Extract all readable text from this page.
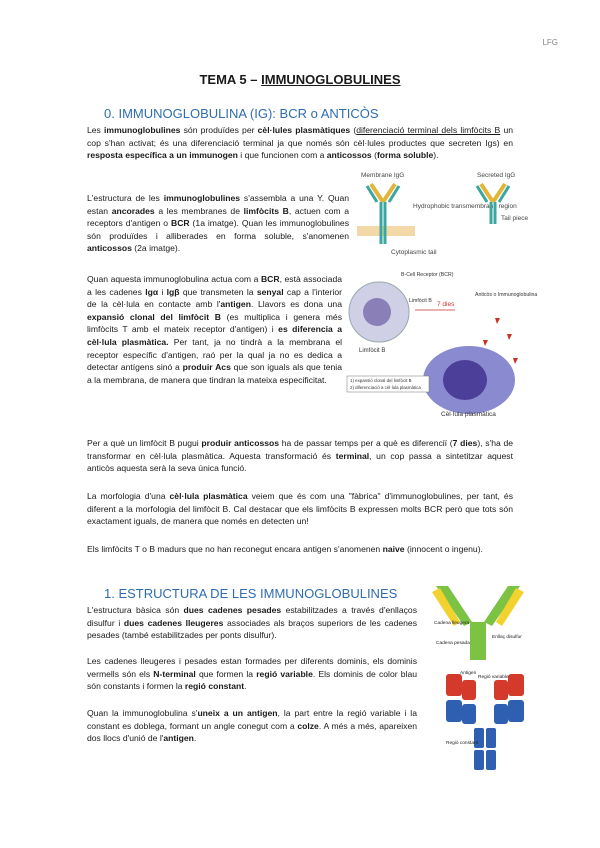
LFG
TEMA 5 – IMMUNOGLOBULINES
0. IMMUNOGLOBULINA (IG): BCR o ANTICÒS
Les immunoglobulines són produïdes per cèl·lules plasmàtiques (diferenciació terminal dels limfòcits B un cop s'han activat; és una diferenciació terminal ja que només són cèl·lules productes que secreten Igs) en resposta específica a un immunogen i que funcionen com a anticossos (forma soluble).
L'estructura de les immunoglobulines s'assembla a una Y. Quan estan ancorades a les membranes de limfòcits B, actuen com a receptors d'antigen o BCR (1a imatge). Quan les immunoglobulines són produïdes i alliberades en forma soluble, s'anomenen anticossos (2a imatge).
Membrane IgG	Secreted IgG
Hydrophobic transmembrane region
Cytoplasmic tail
Tail piece
Quan aquesta immunoglobulina actua com a BCR, està associada a les cadenes Igα i Igβ que transmeten la senyal cap a l'interior de la cèl·lula en contacte amb l'antigen. Llavors es dona una expansió clonal del limfòcit B (es multiplica i genera més limfòcits T amb el mateix receptor d'antigen) i es diferencia a cèl·lula plasmàtica. Per tant, ja no tindrà a la membrana el receptor específic d'antigen, raó per la qual ja no es dedica a detectar antígens sinó a produir Acs que son iguals als que tenia a la membrana, de manera que tindran la mateixa especificitat.
B-Cell Receptor (BCR)
Limfòcit B 7 dies
Anticòs o Immunoglobulina
Limfòcit B
Cèl·lula plasmàtica
1) expansió clonal del limfòcit B
2) diferenciació a cèl·lula plasmàtica
Per a què un limfòcit B pugui produir anticossos ha de passar temps per a què es diferenciï (7 dies), s'ha de transformar en cèl·lula plasmàtica. Aquesta transformació és terminal, un cop passa a sintetitzar aquest anticòs aquesta serà la seva única funció.
La morfologia d'una cèl·lula plasmàtica veiem que és com una "fàbrica" d'immunoglobulines, per tant, és diferent a la morfologia del limfòcit B. Cal destacar que els limfòcits B expressen molts BCR però que tots són exactament iguals, de manera que només en detecten un!
Els limfòcits T o B madurs que no han reconegut encara antigen s'anomenen naive (innocent o ingenu).
1. ESTRUCTURA DE LES IMMUNOGLOBULINES
L'estructura bàsica són dues cadenes pesades estabilitzades a través d'enllaços disulfur i dues cadenes lleugeres associades als braços superiors de les cadenes pesades (també estabilitzades per ponts disulfur).
Les cadenes lleugeres i pesades estan formades per diferents dominis, els dominis vermells són els N-terminal que formen la regió variable. Els dominis de color blau són constants i formen la regió constant.
Quan la immunoglobulina s'uneix a un antigen, la part entre la regió variable i la constant es doblega, formant un angle conegut com a colze. A més a més, apareixen dos llocs d'unió de l'antigen.
Cadena lleugera
Cadena pesada
Enllaç disulfur
Antigen
Regió variable
Regió constant
